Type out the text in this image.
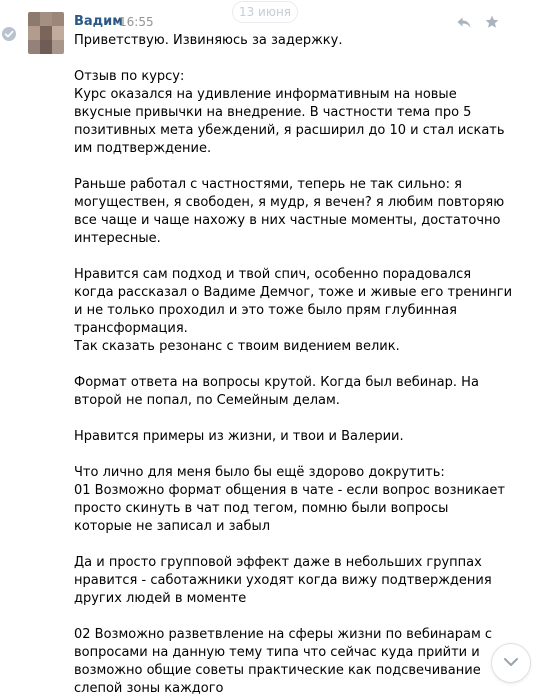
Вадим
16:55
13 июня

Приветствую. Извиняюсь за задержку.

Отзыв по курсу:

Курс оказался на удивление информативным на новые

вкусные привычки на внедрение. В частности тема про 5

позитивных мета убеждений, я расширил до 10 и стал искать

им подтверждение.

Раньше работал с частностями, теперь не так сильно: я

могуществен, я свободен, я мудр, я вечен? я любим повторяю

все чаще и чаще нахожу в них частные моменты, достаточно

интересные.

Нравится сам подход и твой спич, особенно порадовался

когда рассказал о Вадиме Демчог, тоже и живые его тренинги

и не только проходил и это тоже было прям глубинная

трансформация.

Так сказать резонанс с твоим видением велик.

Формат ответа на вопросы крутой. Когда был вебинар. На

второй не попал, по Семейным делам.

Нравится примеры из жизни, и твои и Валерии.

Что лично для меня было бы ещё здорово докрутить:

01 Возможно формат общения в чате - если вопрос возникает

просто скинуть в чат под тегом, помню были вопросы

которые не записал и забыл

Да и просто групповой эффект даже в небольших группах

нравится - саботажники уходят когда вижу подтверждения

других людей в моменте

02 Возможно разветвление на сферы жизни по вебинарам с

вопросами на данную тему типа что сейчас куда прийти и

возможно общие советы практические как подсвечивание

слепой зоны каждого
